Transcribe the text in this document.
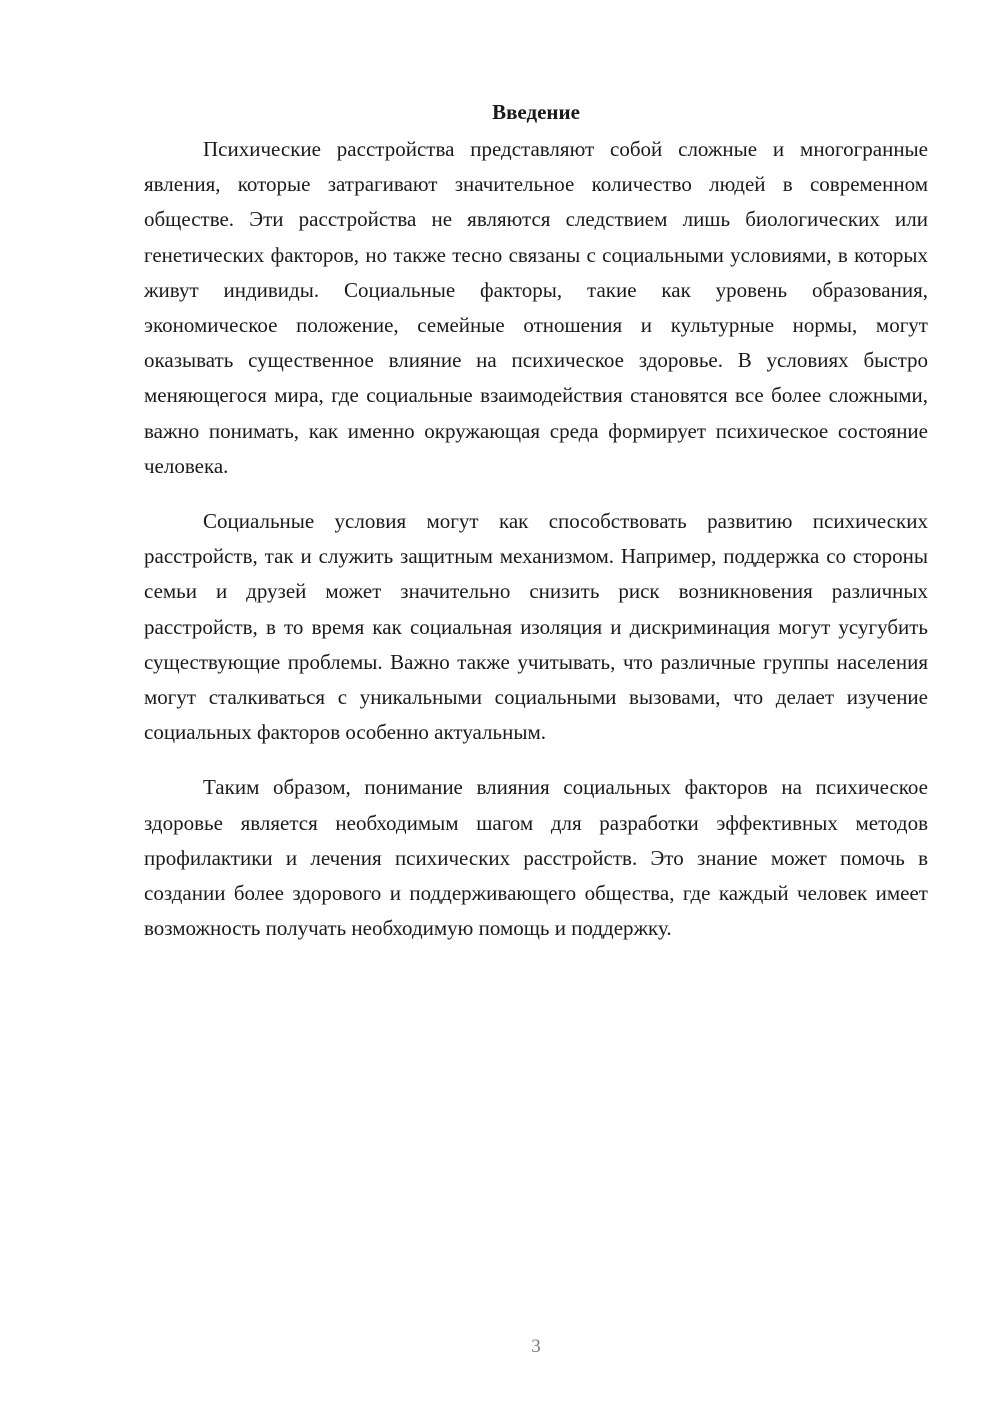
Введение

Психические расстройства представляют собой сложные и многогранные явления, которые затрагивают значительное количество людей в современном обществе. Эти расстройства не являются следствием лишь биологических или генетических факторов, но также тесно связаны с социальными условиями, в которых живут индивиды. Социальные факторы, такие как уровень образования, экономическое положение, семейные отношения и культурные нормы, могут оказывать существенное влияние на психическое здоровье. В условиях быстро меняющегося мира, где социальные взаимодействия становятся все более сложными, важно понимать, как именно окружающая среда формирует психическое состояние человека.

Социальные условия могут как способствовать развитию психических расстройств, так и служить защитным механизмом. Например, поддержка со стороны семьи и друзей может значительно снизить риск возникновения различных расстройств, в то время как социальная изоляция и дискриминация могут усугубить существующие проблемы. Важно также учитывать, что различные группы населения могут сталкиваться с уникальными социальными вызовами, что делает изучение социальных факторов особенно актуальным.

Таким образом, понимание влияния социальных факторов на психическое здоровье является необходимым шагом для разработки эффективных методов профилактики и лечения психических расстройств. Это знание может помочь в создании более здорового и поддерживающего общества, где каждый человек имеет возможность получать необходимую помощь и поддержку.

3
